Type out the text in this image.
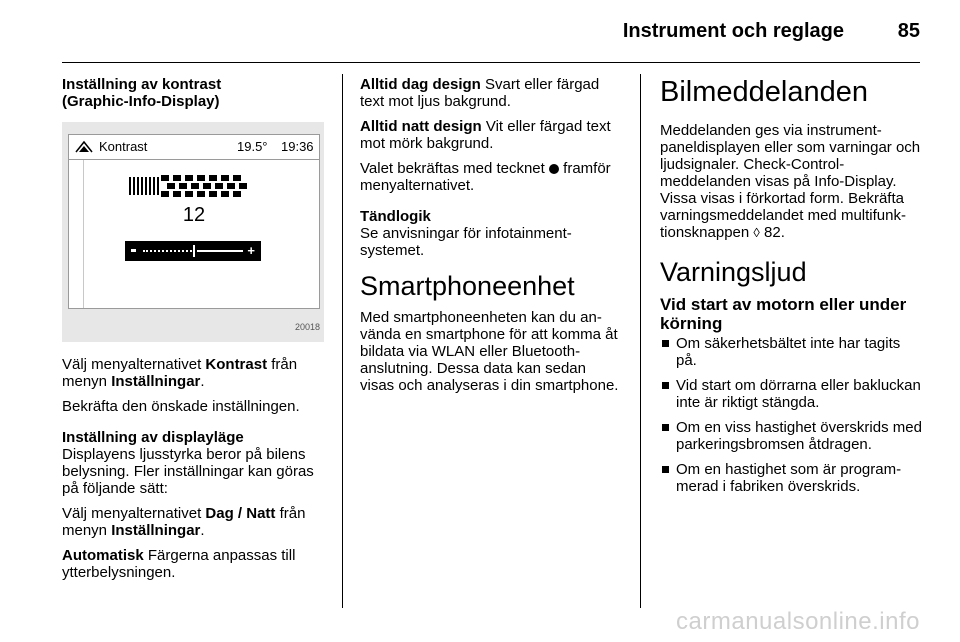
Instrument och reglage	85
Inställning av kontrast
(Graphic-Info-Display)
Kontrast	19.5° 19:36
12
+
20018

Välj menyalternativet Kontrast från menyn Inställningar.

Bekräfta den önskade inställningen.

Inställning av displayläge

Displayens ljusstyrka beror på bilens belysning. Fler inställningar kan göras på följande sätt:

Välj menyalternativet Dag / Natt från menyn Inställningar.

Automatisk Färgerna anpassas till ytterbelysningen.

Alltid dag design Svart eller färgad text mot ljus bakgrund.

Alltid natt design Vit eller färgad text mot mörk bakgrund.

Valet bekräftas med tecknet  framför menyalternativet.

Tändlogik

Se anvisningar för infotainmentsystemet.

Smartphoneenhet

Med smartphoneenheten kan du använda en smartphone för att komma åt bildata via WLAN eller Bluetooth-anslutning. Dessa data kan sedan visas och analyseras i din smartphone.

Bilmeddelanden

Meddelanden ges via instrumentpaneldisplayen eller som varningar och ljudsignaler. Check-Control-meddelanden visas på Info-Display. Vissa visas i förkortad form. Bekräfta varningsmeddelandet med multifunktionsknappen ◊ 82.

Varningsljud
Vid start av motorn eller under körning
Om säkerhetsbältet inte har tagits på.
Vid start om dörrarna eller bakluckan inte är riktigt stängda.
Om en viss hastighet överskrids med parkeringsbromsen åtdragen.
Om en hastighet som är programmerad i fabriken överskrids.
carmanualsonline.info
